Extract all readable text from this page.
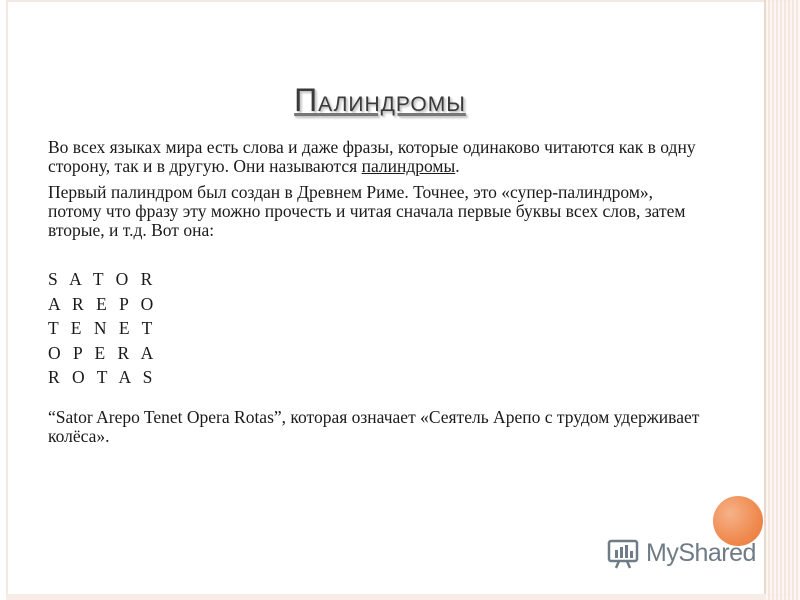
Палиндромы

Во всех языках мира есть слова и даже фразы, которые одинаково читаются как в одну сторону, так и в другую. Они называются палиндромы.

Первый палиндром был создан в Древнем Риме. Точнее, это «супер-палиндром», потому что фразу эту можно прочесть и читая сначала первые буквы всех слов, затем вторые, и т.д. Вот она:

S A T O R
A R E P O
T E N E T
O P E R A
R O T A S

“Sator Arepo Tenet Opera Rotas”, которая означает «Сеятель Арепо с трудом удерживает колёса».

MyShared
